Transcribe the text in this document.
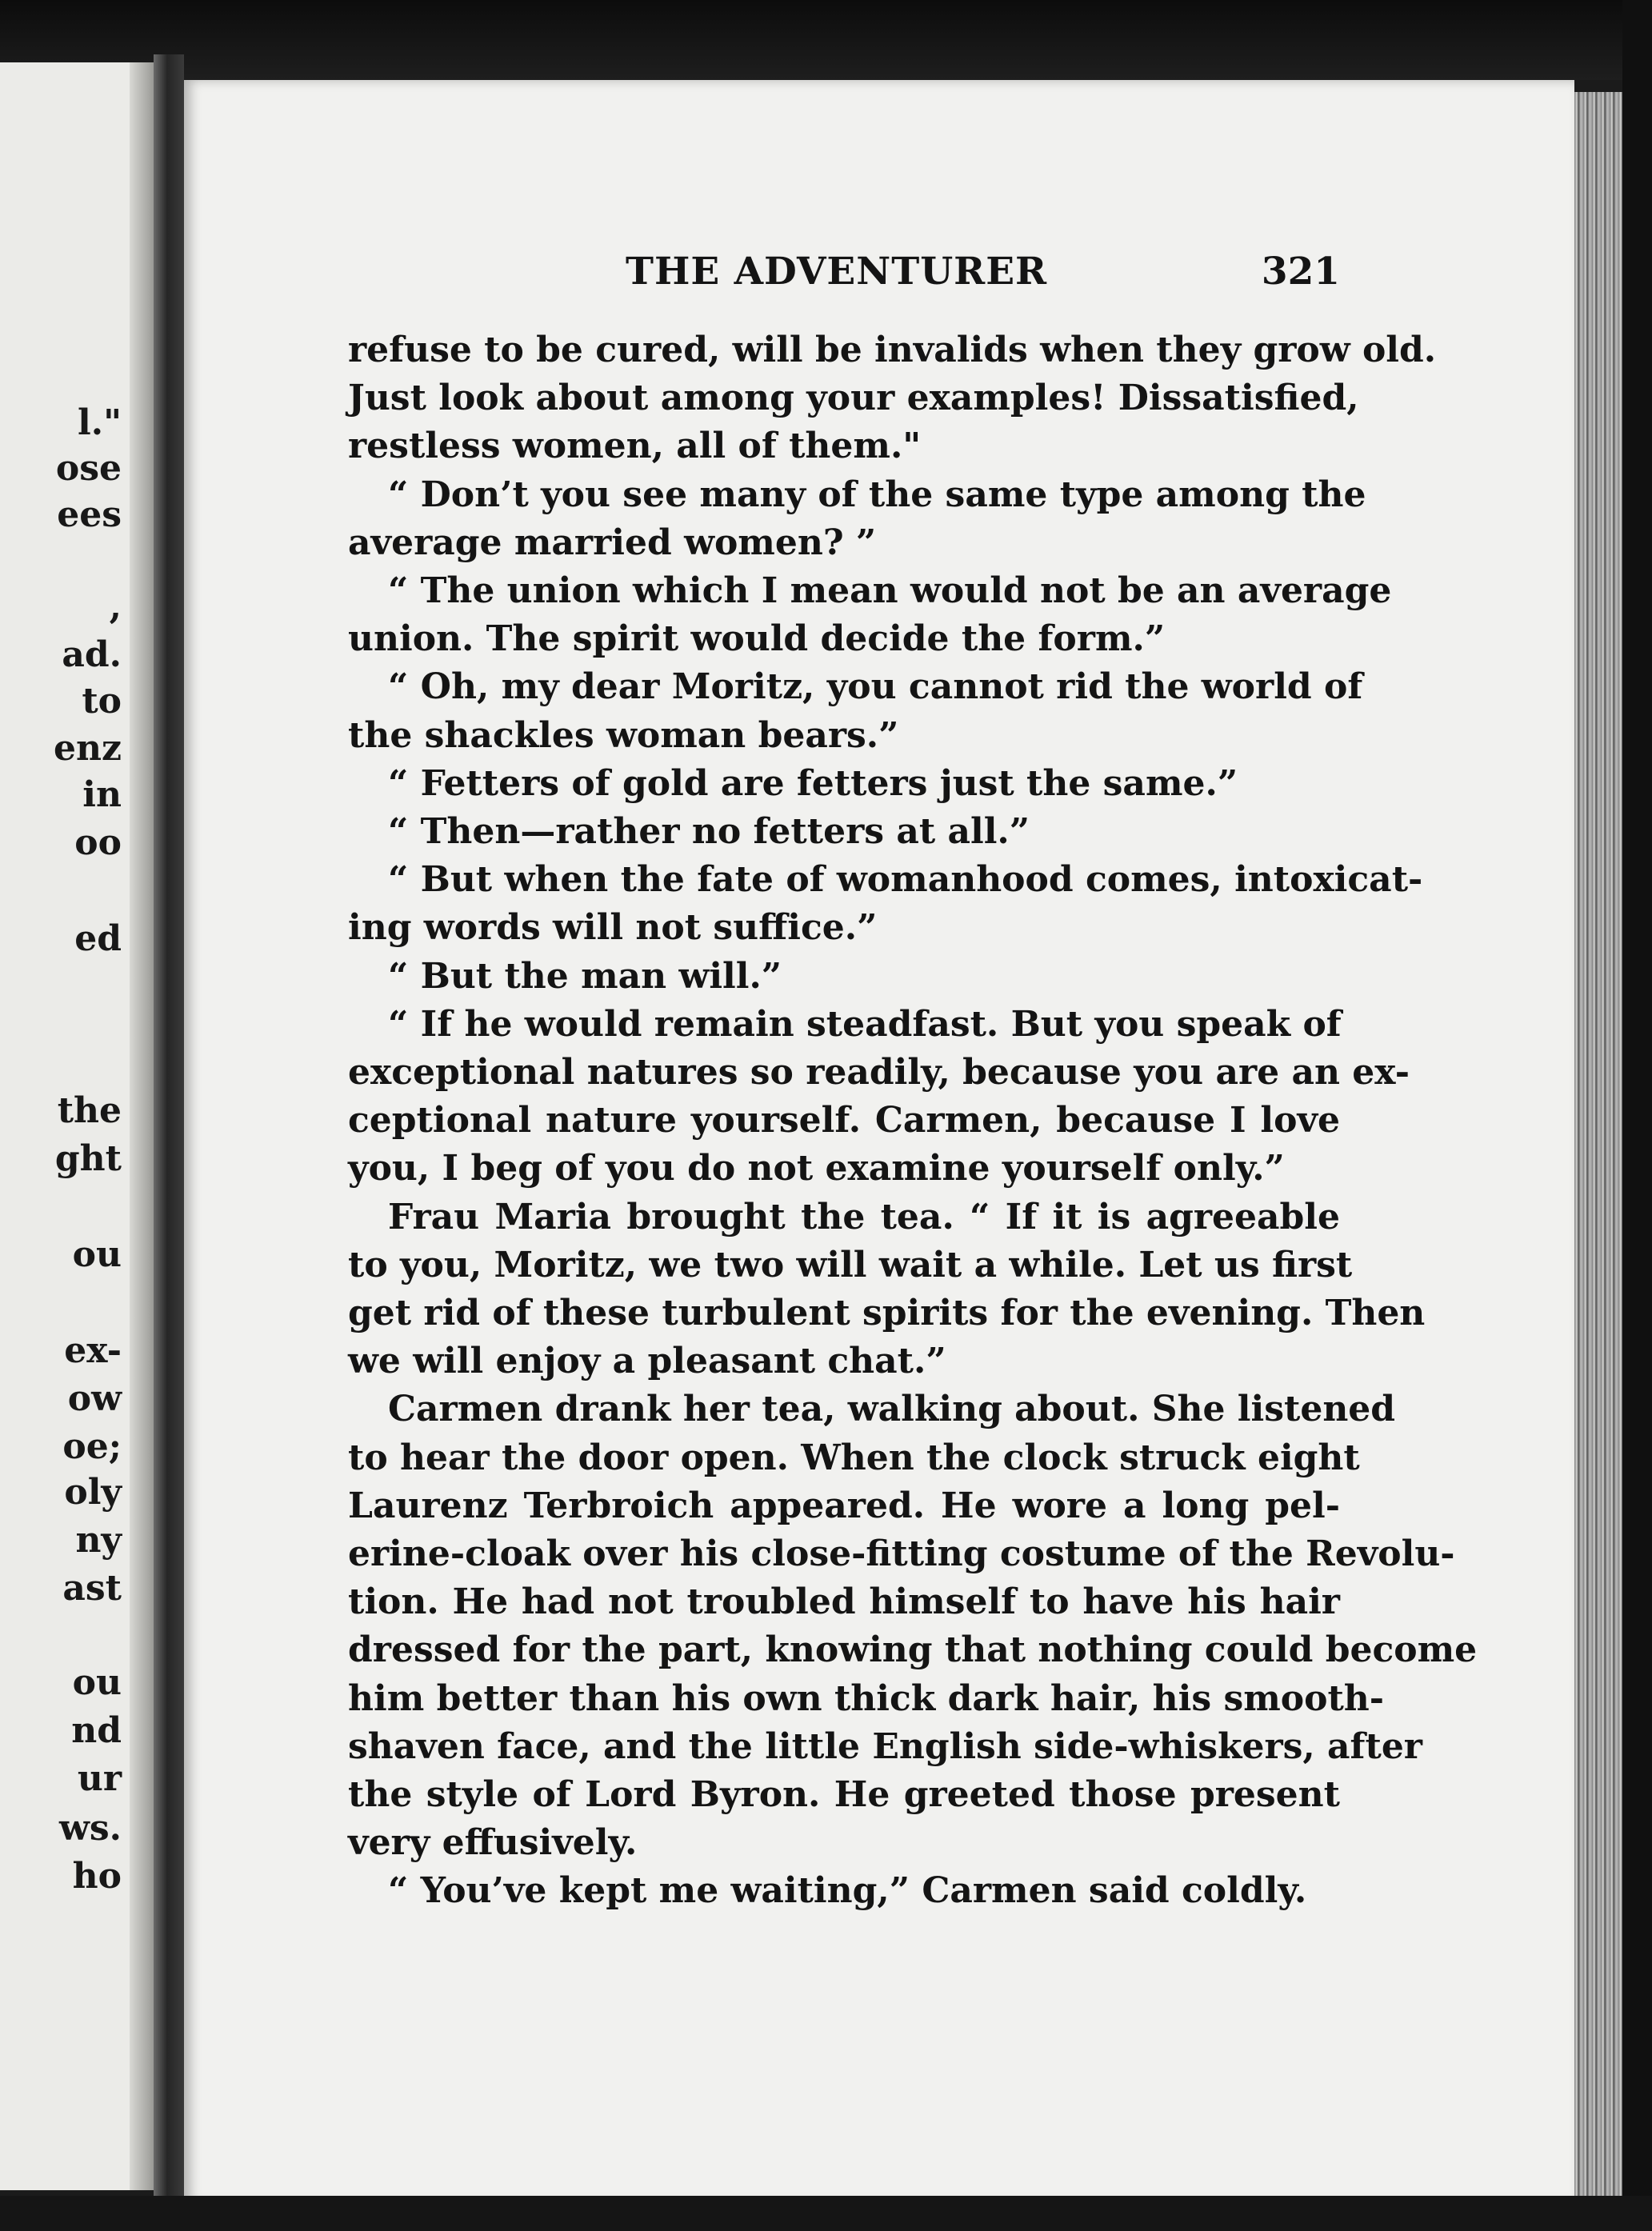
l."
ose
ees
,
ad.
to
enz
in
oo
ed
the
ght
ou
ex-
ow
oe;
oly
ny
ast
ou
nd
ur
ws.
ho
THE ADVENTURER	321
refuse to be cured, will be invalids when they grow old.
Just look about among your examples! Dissatisfied,
restless women, all of them."
“ Don’t you see many of the same type among the
average married women? ”
“ The union which I mean would not be an average
union. The spirit would decide the form.”
“ Oh, my dear Moritz, you cannot rid the world of
the shackles woman bears.”
“ Fetters of gold are fetters just the same.”
“ Then—rather no fetters at all.”
“ But when the fate of womanhood comes, intoxicat-
ing words will not suffice.”
“ But the man will.”
“ If he would remain steadfast. But you speak of
exceptional natures so readily, because you are an ex-
ceptional nature yourself. Carmen, because I love
you, I beg of you do not examine yourself only.”
Frau Maria brought the tea. “ If it is agreeable
to you, Moritz, we two will wait a while. Let us first
get rid of these turbulent spirits for the evening. Then
we will enjoy a pleasant chat.”
Carmen drank her tea, walking about. She listened
to hear the door open. When the clock struck eight
Laurenz Terbroich appeared. He wore a long pel-
erine-cloak over his close-fitting costume of the Revolu-
tion. He had not troubled himself to have his hair
dressed for the part, knowing that nothing could become
him better than his own thick dark hair, his smooth-
shaven face, and the little English side-whiskers, after
the style of Lord Byron. He greeted those present
very effusively.
“ You’ve kept me waiting,” Carmen said coldly.
